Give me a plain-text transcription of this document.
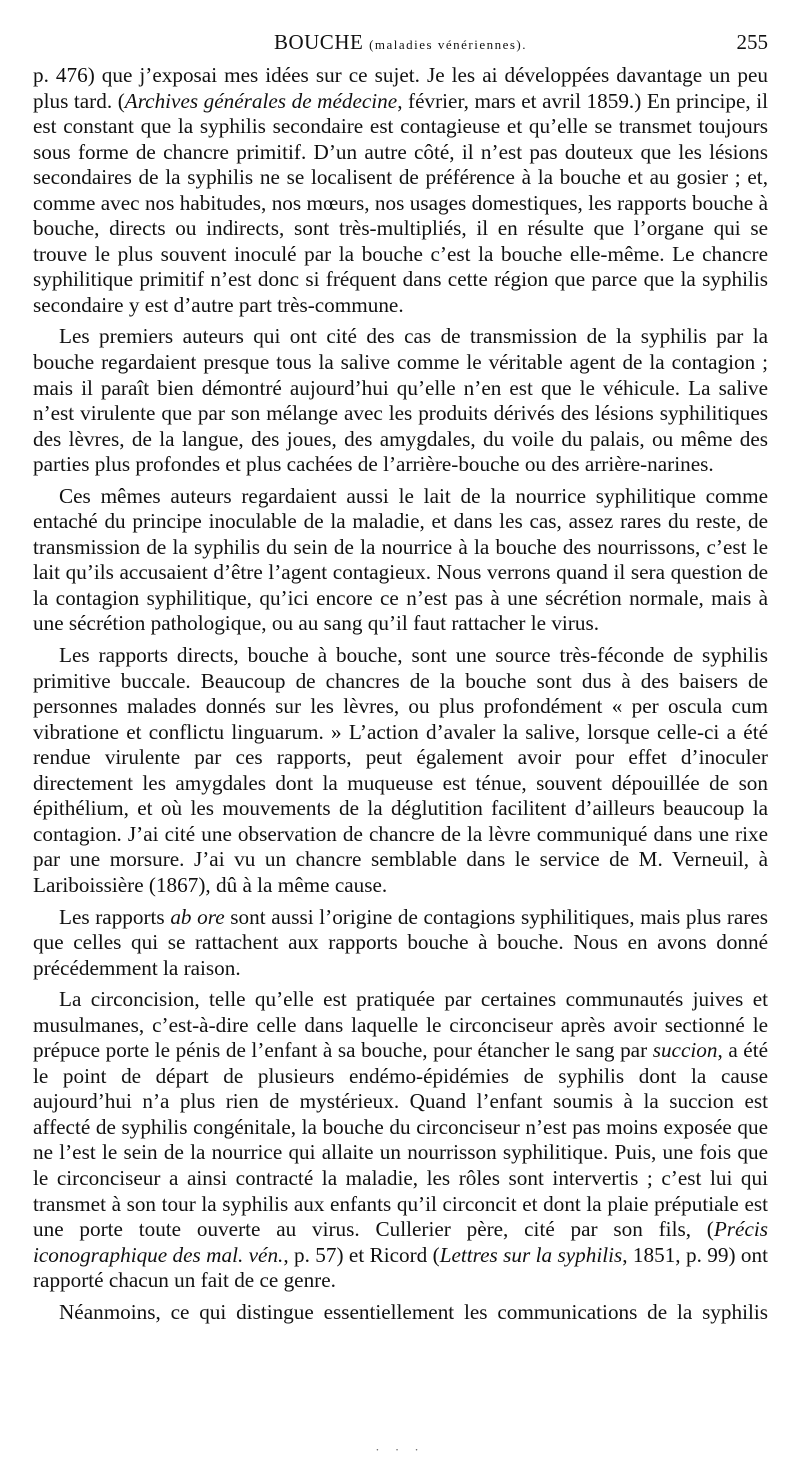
BOUCHE (maladies vénériennes).	255

p. 476) que j’exposai mes idées sur ce sujet. Je les ai développées davantage un peu plus tard. (Archives générales de médecine, février, mars et avril 1859.) En principe, il est constant que la syphilis secondaire est contagieuse et qu’elle se transmet toujours sous forme de chancre primitif. D’un autre côté, il n’est pas douteux que les lésions secondaires de la syphilis ne se localisent de préférence à la bouche et au gosier ; et, comme avec nos habitudes, nos mœurs, nos usages domestiques, les rapports bouche à bouche, directs ou indirects, sont très-multipliés, il en résulte que l’organe qui se trouve le plus souvent inoculé par la bouche c’est la bouche elle-même. Le chancre syphilitique primitif n’est donc si fréquent dans cette région que parce que la syphilis secondaire y est d’autre part très-commune.

Les premiers auteurs qui ont cité des cas de transmission de la syphilis par la bouche regardaient presque tous la salive comme le véritable agent de la contagion ; mais il paraît bien démontré aujourd’hui qu’elle n’en est que le véhicule. La salive n’est virulente que par son mélange avec les produits dérivés des lésions syphilitiques des lèvres, de la langue, des joues, des amygdales, du voile du palais, ou même des parties plus profondes et plus cachées de l’arrière-bouche ou des arrière-narines.

Ces mêmes auteurs regardaient aussi le lait de la nourrice syphilitique comme entaché du principe inoculable de la maladie, et dans les cas, assez rares du reste, de transmission de la syphilis du sein de la nourrice à la bouche des nourrissons, c’est le lait qu’ils accusaient d’être l’agent contagieux. Nous verrons quand il sera question de la contagion syphilitique, qu’ici encore ce n’est pas à une sécrétion normale, mais à une sécrétion pathologique, ou au sang qu’il faut rattacher le virus.

Les rapports directs, bouche à bouche, sont une source très-féconde de syphilis primitive buccale. Beaucoup de chancres de la bouche sont dus à des baisers de personnes malades donnés sur les lèvres, ou plus profondément « per oscula cum vibratione et conflictu linguarum. » L’action d’avaler la salive, lorsque celle-ci a été rendue virulente par ces rapports, peut également avoir pour effet d’inoculer directement les amygdales dont la muqueuse est ténue, souvent dépouillée de son épithélium, et où les mouvements de la déglutition facilitent d’ailleurs beaucoup la contagion. J’ai cité une observation de chancre de la lèvre communiqué dans une rixe par une morsure. J’ai vu un chancre semblable dans le service de M. Verneuil, à Lariboissière (1867), dû à la même cause.

Les rapports ab ore sont aussi l’origine de contagions syphilitiques, mais plus rares que celles qui se rattachent aux rapports bouche à bouche. Nous en avons donné précédemment la raison.

La circoncision, telle qu’elle est pratiquée par certaines communautés juives et musulmanes, c’est-à-dire celle dans laquelle le circonciseur après avoir sectionné le prépuce porte le pénis de l’enfant à sa bouche, pour étancher le sang par succion, a été le point de départ de plusieurs endémo-épidémies de syphilis dont la cause aujourd’hui n’a plus rien de mystérieux. Quand l’enfant soumis à la succion est affecté de syphilis congénitale, la bouche du circonciseur n’est pas moins exposée que ne l’est le sein de la nourrice qui allaite un nourrisson syphilitique. Puis, une fois que le circonciseur a ainsi contracté la maladie, les rôles sont intervertis ; c’est lui qui transmet à son tour la syphilis aux enfants qu’il circoncit et dont la plaie préputiale est une porte toute ouverte au virus. Cullerier père, cité par son fils, (Précis iconographique des mal. vén., p. 57) et Ricord (Lettres sur la syphilis, 1851, p. 99) ont rapporté chacun un fait de ce genre.

Néanmoins, ce qui distingue essentiellement les communications de la syphilis

· · ·
